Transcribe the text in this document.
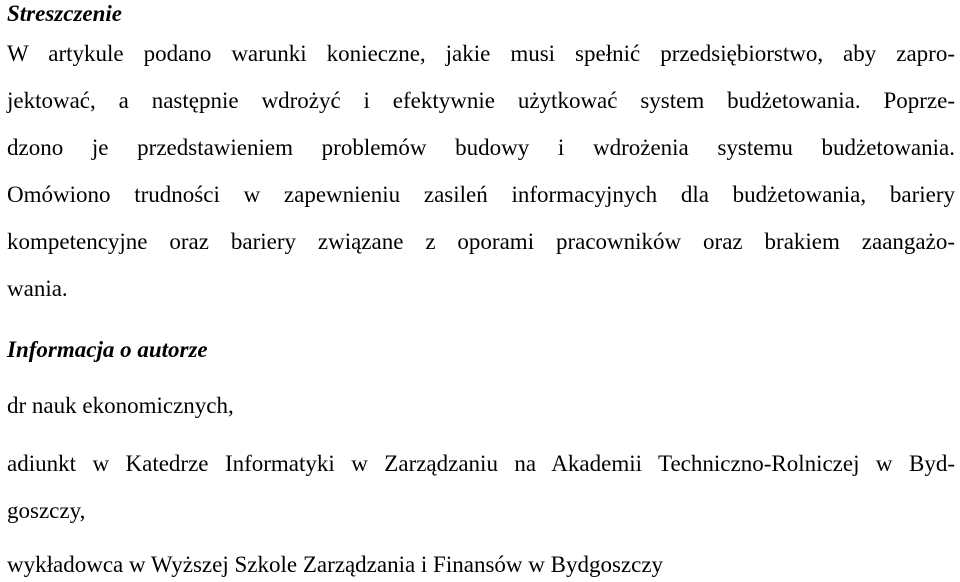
Streszczenie
W artykule podano warunki konieczne, jakie musi spełnić przedsiębiorstwo, aby zapro-
jektować, a następnie wdrożyć i efektywnie użytkować system budżetowania. Poprze-
dzono je przedstawieniem problemów budowy i wdrożenia systemu budżetowania.
Omówiono trudności w zapewnieniu zasileń informacyjnych dla budżetowania, bariery
kompetencyjne oraz bariery związane z oporami pracowników oraz brakiem zaangażo-
wania.
Informacja o autorze
dr nauk ekonomicznych,
adiunkt w Katedrze Informatyki w Zarządzaniu na Akademii Techniczno-Rolniczej w Byd-
goszczy,
wykładowca w Wyższej Szkole Zarządzania i Finansów w Bydgoszczy
